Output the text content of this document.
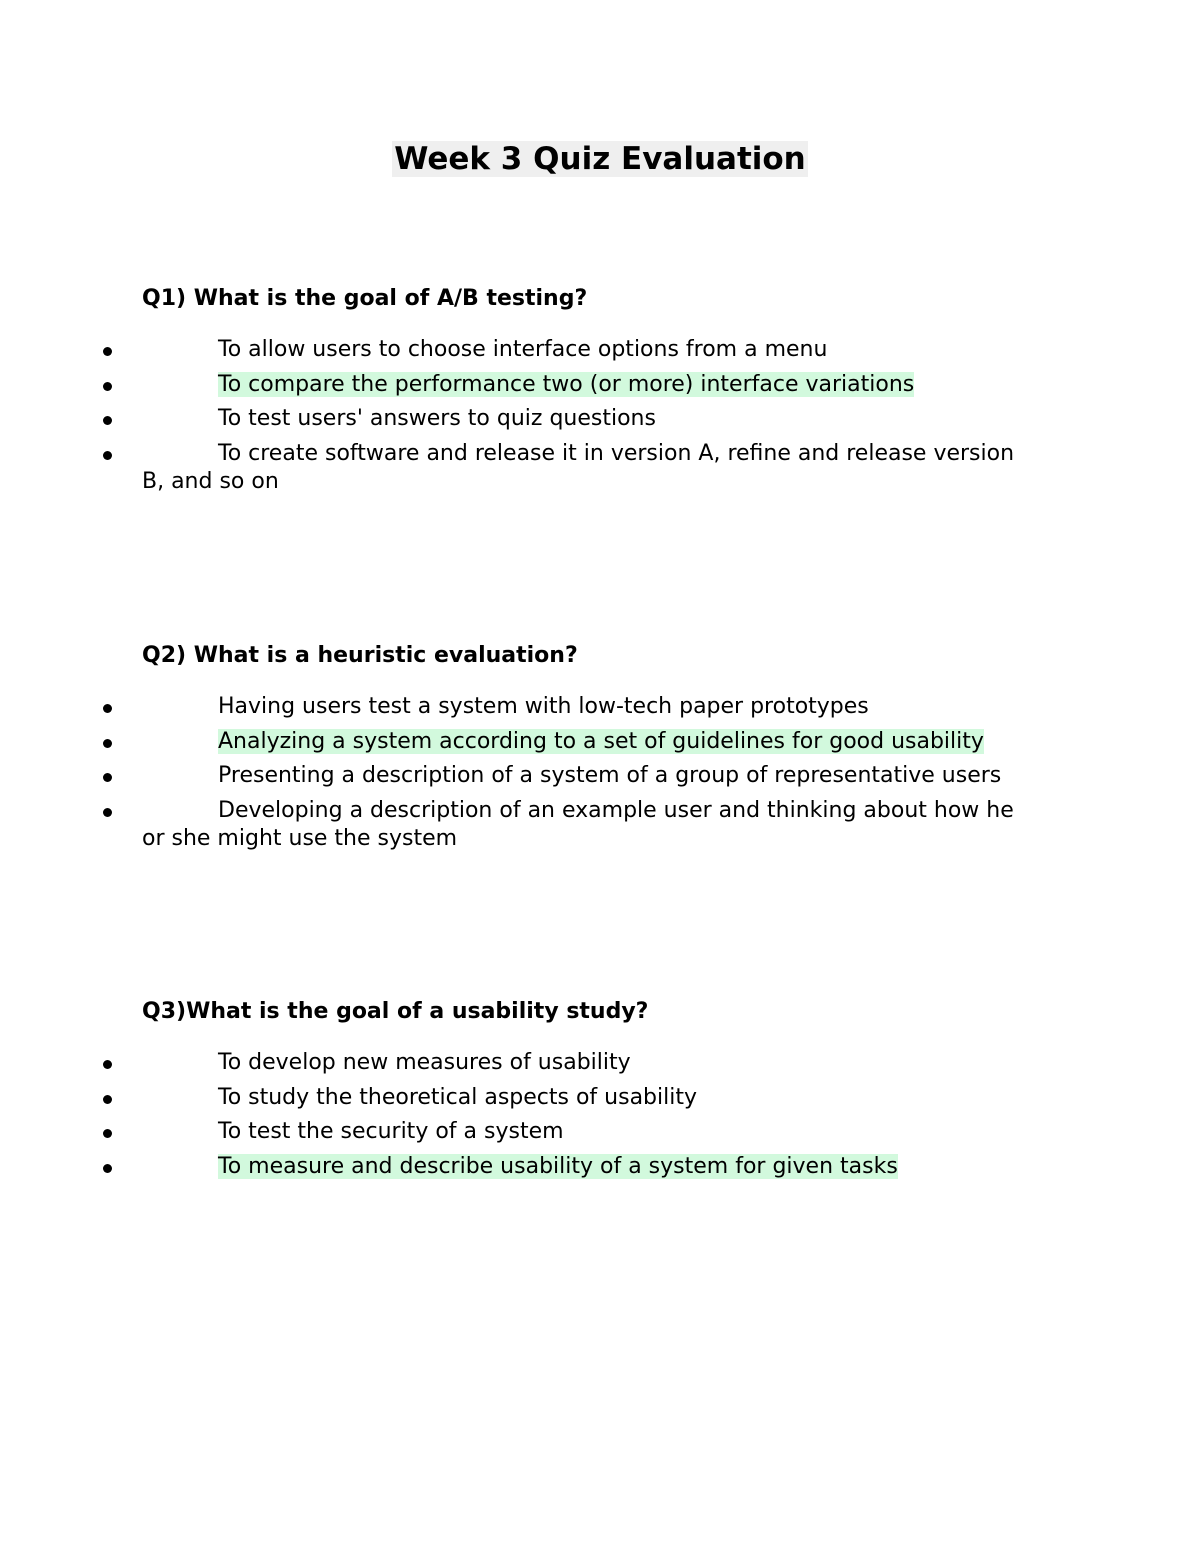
Week 3 Quiz Evaluation
Q1) What is the goal of A/B testing?
To allow users to choose interface options from a menu
To compare the performance two (or more) interface variations
To test users' answers to quiz questions
To create software and release it in version A, refine and release version B, and so on
Q2) What is a heuristic evaluation?
Having users test a system with low-tech paper prototypes
Analyzing a system according to a set of guidelines for good usability
Presenting a description of a system of a group of representative users
Developing a description of an example user and thinking about how he or she might use the system
Q3)What is the goal of a usability study?
To develop new measures of usability
To study the theoretical aspects of usability
To test the security of a system
To measure and describe usability of a system for given tasks
